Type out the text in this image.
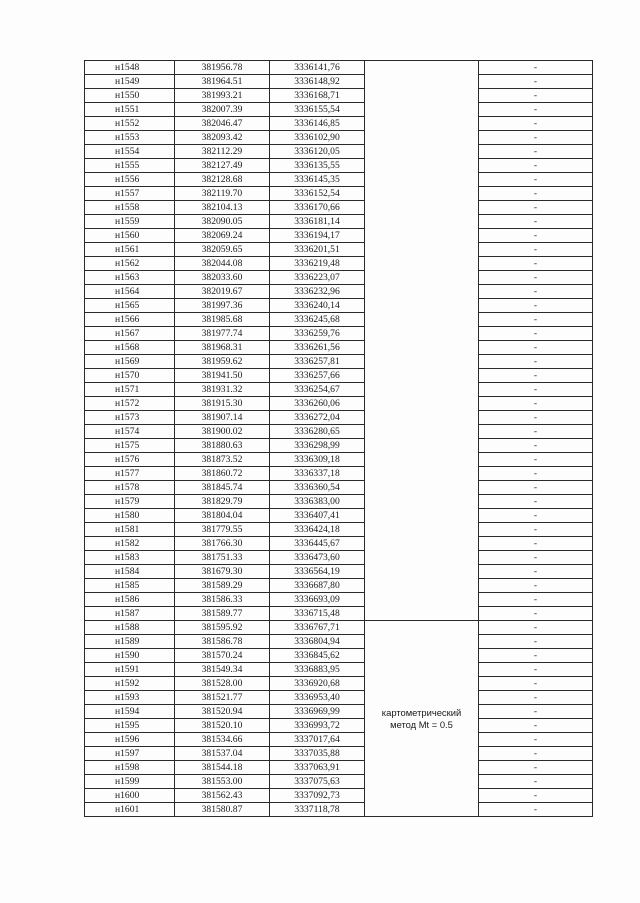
н1548	381956.78	3336141,76		-
н1549	381964.51	3336148,92		-
н1550	381993.21	3336168,71		-
н1551	382007.39	3336155,54		-
н1552	382046.47	3336146,85		-
н1553	382093.42	3336102,90		-
н1554	382112.29	3336120,05		-
н1555	382127.49	3336135,55		-
н1556	382128.68	3336145,35		-
н1557	382119.70	3336152,54		-
н1558	382104.13	3336170,66		-
н1559	382090.05	3336181,14		-
н1560	382069.24	3336194,17		-
н1561	382059.65	3336201,51		-
н1562	382044.08	3336219,48		-
н1563	382033.60	3336223,07		-
н1564	382019.67	3336232,96		-
н1565	381997.36	3336240,14		-
н1566	381985.68	3336245,68		-
н1567	381977.74	3336259,76		-
н1568	381968.31	3336261,56		-
н1569	381959.62	3336257,81		-
н1570	381941.50	3336257,66		-
н1571	381931.32	3336254,67		-
н1572	381915.30	3336260,06		-
н1573	381907.14	3336272,04		-
н1574	381900.02	3336280,65		-
н1575	381880.63	3336298,99		-
н1576	381873.52	3336309,18		-
н1577	381860.72	3336337,18		-
н1578	381845.74	3336360,54		-
н1579	381829.79	3336383,00		-
н1580	381804.04	3336407,41		-
н1581	381779.55	3336424,18		-
н1582	381766.30	3336445,67		-
н1583	381751.33	3336473,60		-
н1584	381679.30	3336564,19		-
н1585	381589.29	3336687,80		-
н1586	381586.33	3336693,09		-
н1587	381589.77	3336715,48		-
н1588	381595.92	3336767,71	картометрический
метод Mt = 0.5	-
н1589	381586.78	3336804,94		-
н1590	381570.24	3336845,62		-
н1591	381549.34	3336883,95		-
н1592	381528.00	3336920,68		-
н1593	381521.77	3336953,40		-
н1594	381520.94	3336969,99		-
н1595	381520.10	3336993,72		-
н1596	381534.66	3337017,64		-
н1597	381537.04	3337035,88		-
н1598	381544.18	3337063,91		-
н1599	381553.00	3337075,63		-
н1600	381562.43	3337092,73		-
н1601	381580.87	3337118,78		-
